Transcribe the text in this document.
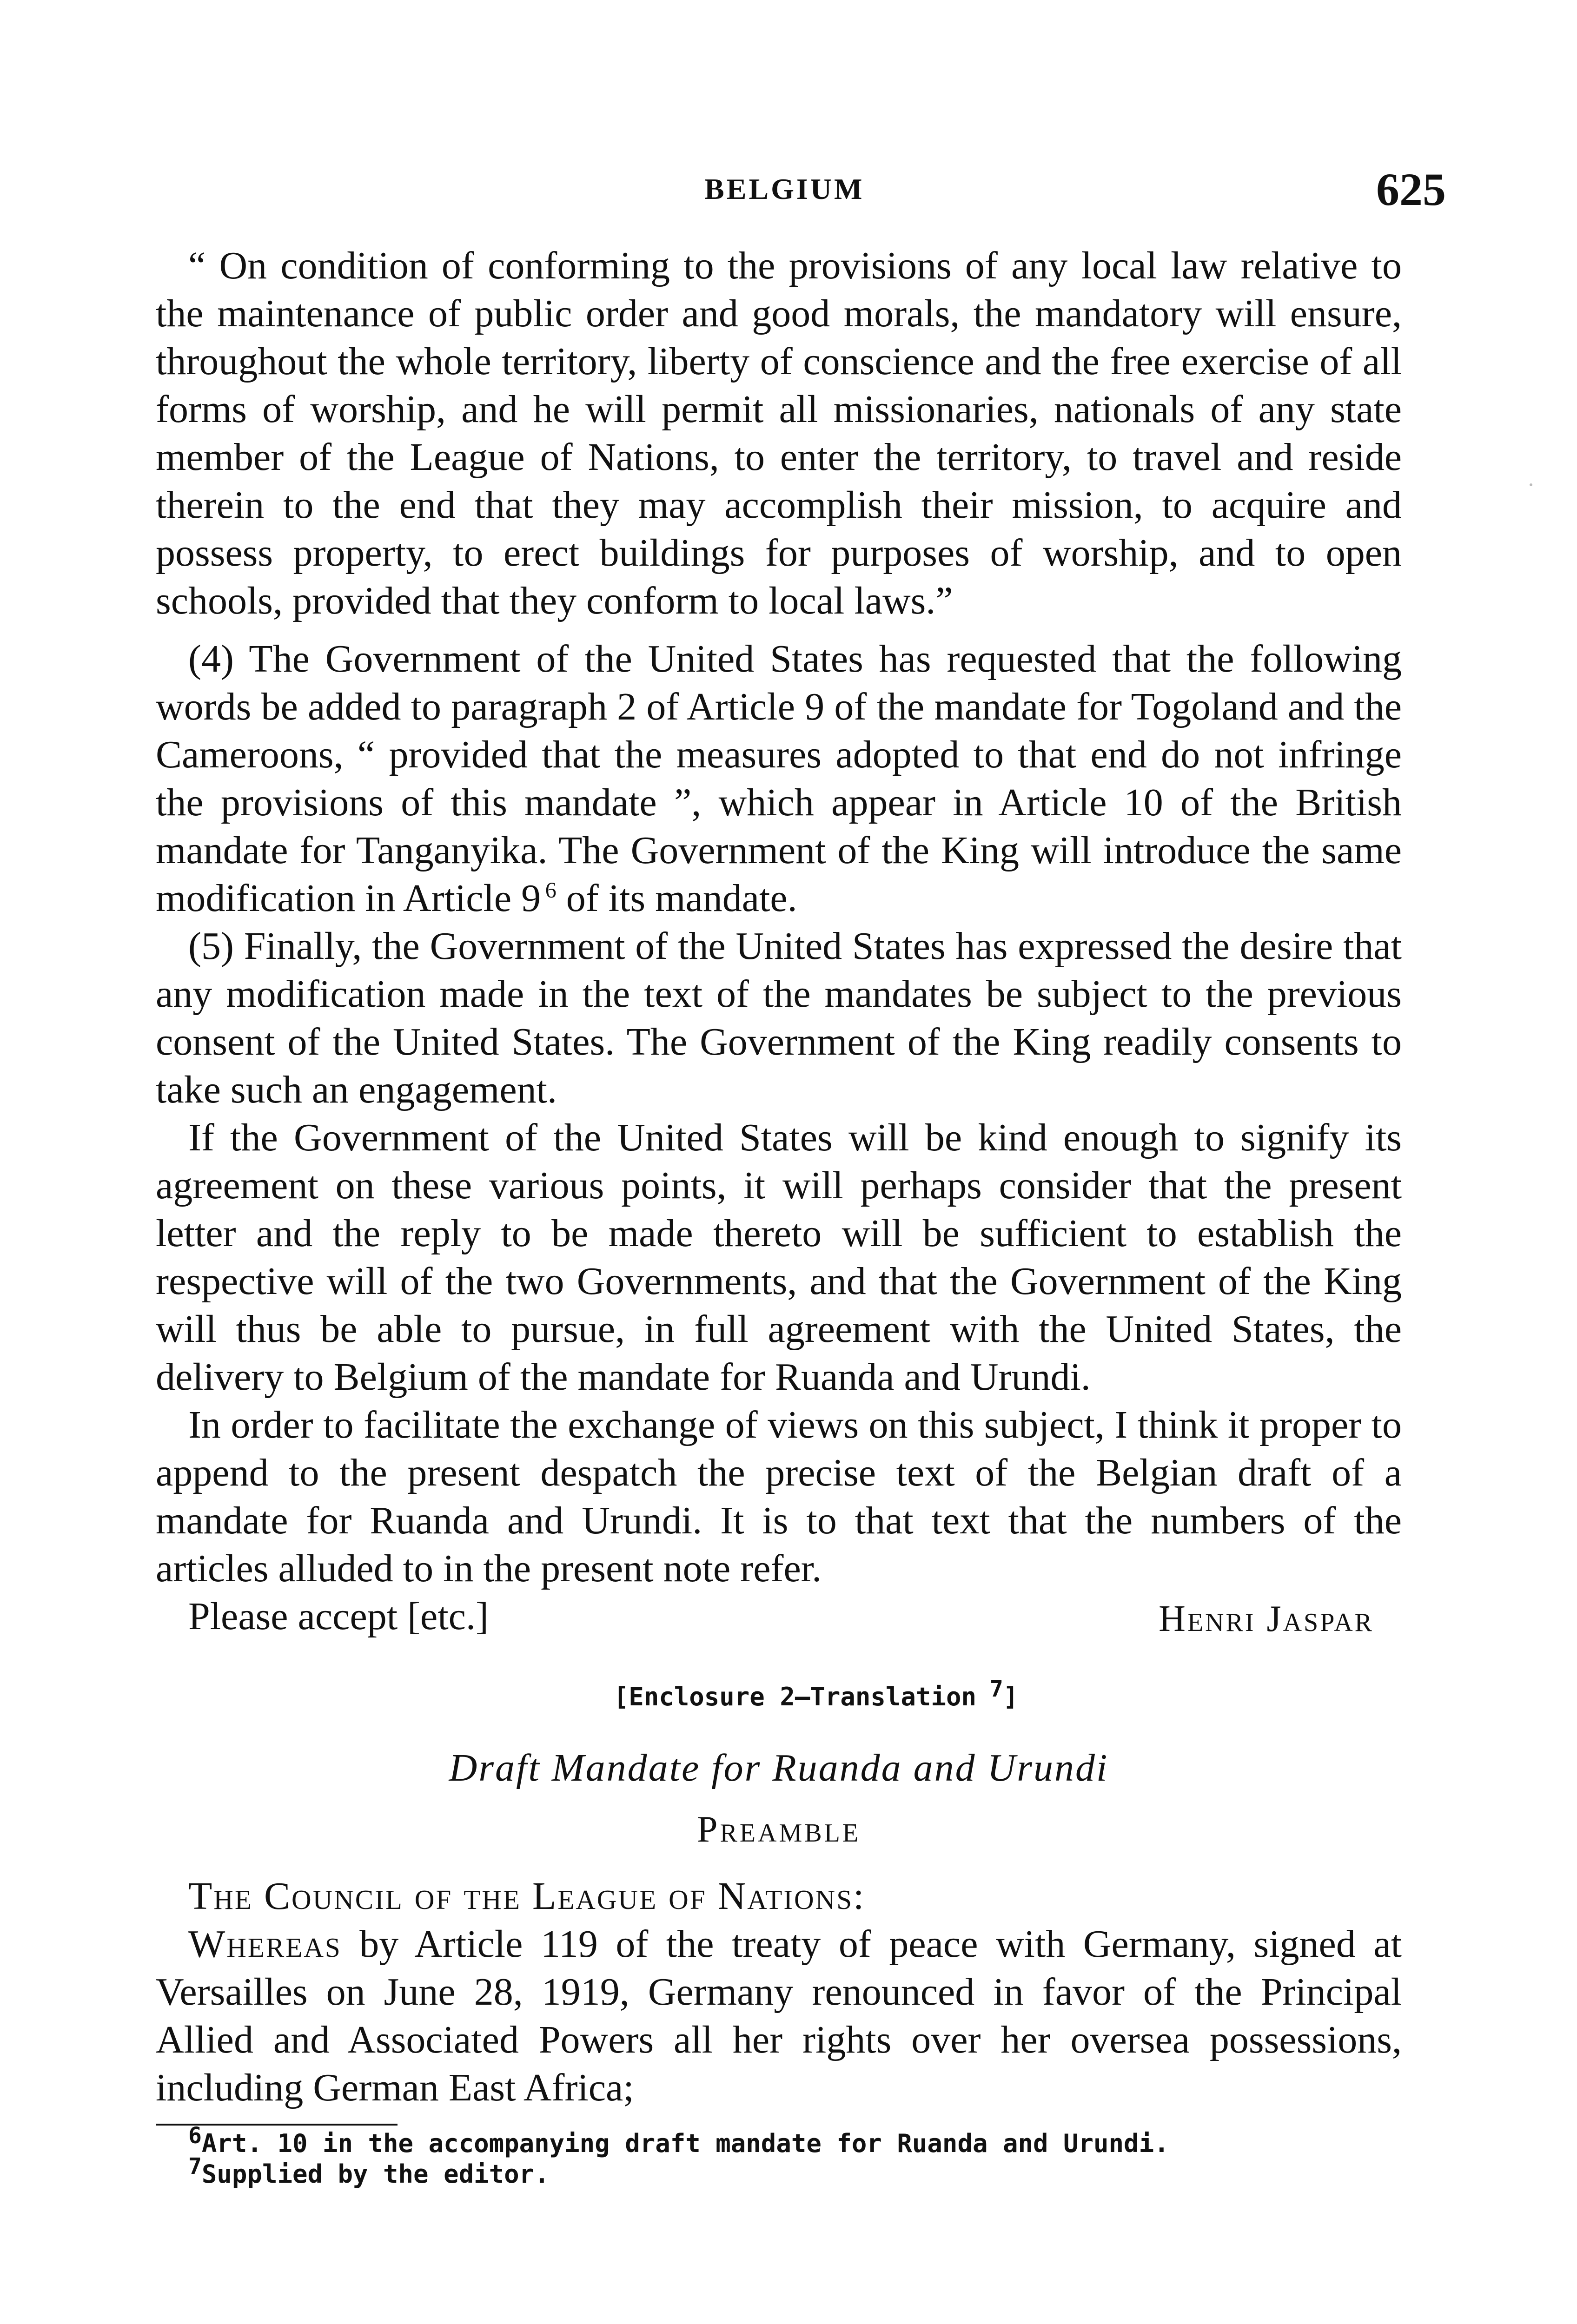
BELGIUM	625

“ On condition of conforming to the provisions of any local law relative to the maintenance of public order and good morals, the mandatory will ensure, throughout the whole territory, liberty of conscience and the free exercise of all forms of worship, and he will permit all missionaries, nationals of any state member of the League of Nations, to enter the territory, to travel and reside therein to the end that they may accomplish their mission, to acquire and possess property, to erect buildings for purposes of worship, and to open schools, provided that they conform to local laws.”

(4) The Government of the United States has requested that the following words be added to paragraph 2 of Article 9 of the mandate for Togoland and the Cameroons, “ provided that the measures adopted to that end do not infringe the provisions of this mandate ”, which appear in Article 10 of the British mandate for Tanganyika. The Government of the King will introduce the same modification in Article 9  $^6$ of its mandate.

(5) Finally, the Government of the United States has expressed the desire that any modification made in the text of the mandates be subject to the previous consent of the United States. The Government of the King readily consents to take such an engagement.

If the Government of the United States will be kind enough to signify its agreement on these various points, it will perhaps consider that the present letter and the reply to be made thereto will be sufficient to establish the respective will of the two Governments, and that the Government of the King will thus be able to pursue, in full agreement with the United States, the delivery to Belgium of the mandate for Ruanda and Urundi.

In order to facilitate the exchange of views on this subject, I think it proper to append to the present despatch the precise text of the Belgian draft of a mandate for Ruanda and Urundi. It is to that text that the numbers of the articles alluded to in the present note refer.

Please accept [etc.]	Henri Jaspar
[Enclosure 2—Translation  $^7$]
Draft Mandate for Ruanda and Urundi
Preamble
The Council of the League of Nations:

Whereas by Article 119 of the treaty of peace with Germany, signed at Versailles on June 28, 1919, Germany renounced in favor of the Principal Allied and Associated Powers all her rights over her oversea possessions, including German East Africa;

$^6$Art. 10 in the accompanying draft mandate for Ruanda and Urundi.
$^7$Supplied by the editor.
